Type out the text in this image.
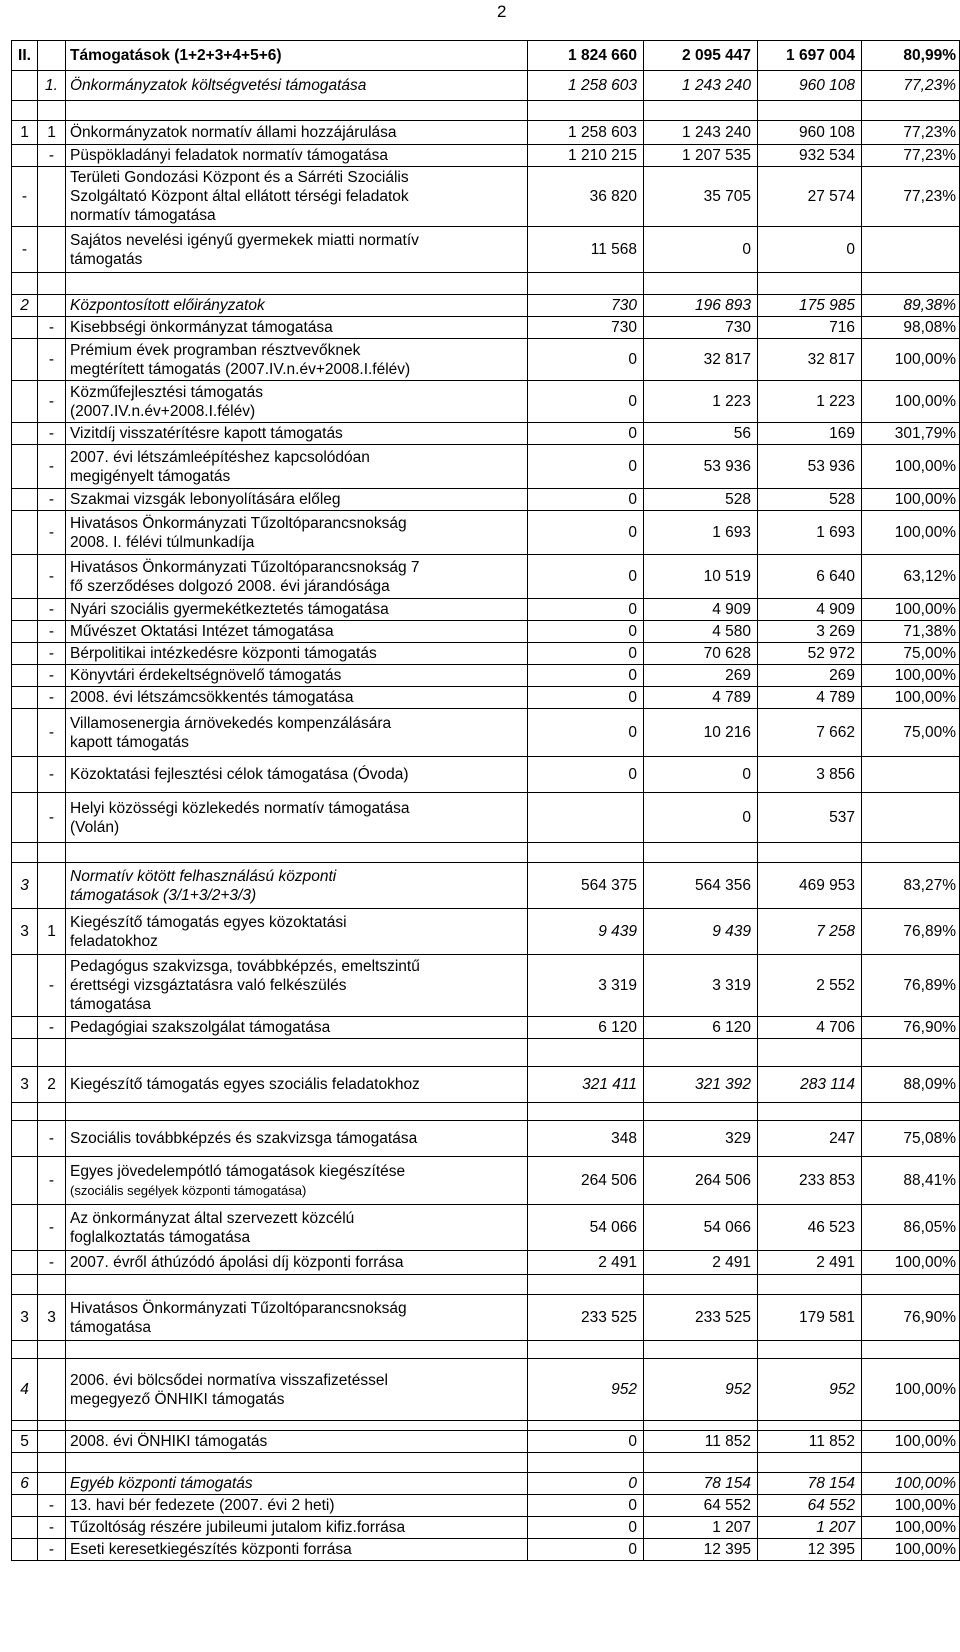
2
II.		Támogatások (1+2+3+4+5+6)	1 824 660	2 095 447	1 697 004	80,99%
	1.	Önkormányzatok költségvetési támogatása	1 258 603	1 243 240	960 108	77,23%

1	1	Önkormányzatok normatív állami hozzájárulása	1 258 603	1 243 240	960 108	77,23%
	-	Püspökladányi feladatok normatív támogatása	1 210 215	1 207 535	932 534	77,23%
-		Területi Gondozási Központ és a Sárréti Szociális
Szolgáltató Központ által ellátott térségi feladatok
normatív támogatása	36 820	35 705	27 574	77,23%
-		Sajátos nevelési igényű gyermekek miatti normatív
támogatás	11 568	0	0	

2		Központosított előirányzatok	730	196 893	175 985	89,38%
	-	Kisebbségi önkormányzat támogatása	730	730	716	98,08%
	-	Prémium évek programban résztvevőknek
megtérített támogatás (2007.IV.n.év+2008.I.félév)	0	32 817	32 817	100,00%
	-	Közműfejlesztési támogatás
(2007.IV.n.év+2008.I.félév)	0	1 223	1 223	100,00%
	-	Vizitdíj visszatérítésre kapott támogatás	0	56	169	301,79%
	-	2007. évi létszámleépítéshez kapcsolódóan
megigényelt támogatás	0	53 936	53 936	100,00%
	-	Szakmai vizsgák lebonyolítására előleg	0	528	528	100,00%
	-	Hivatásos Önkormányzati Tűzoltóparancsnokság
2008. I. félévi túlmunkadíja	0	1 693	1 693	100,00%
	-	Hivatásos Önkormányzati Tűzoltóparancsnokság 7
fő szerződéses dolgozó 2008. évi járandósága	0	10 519	6 640	63,12%
	-	Nyári szociális gyermekétkeztetés támogatása	0	4 909	4 909	100,00%
	-	Művészet Oktatási Intézet támogatása	0	4 580	3 269	71,38%
	-	Bérpolitikai intézkedésre központi támogatás	0	70 628	52 972	75,00%
	-	Könyvtári érdekeltségnövelő támogatás	0	269	269	100,00%
	-	2008. évi létszámcsökkentés támogatása	0	4 789	4 789	100,00%
	-	Villamosenergia árnövekedés kompenzálására
kapott támogatás	0	10 216	7 662	75,00%
	-	Közoktatási fejlesztési célok támogatása (Óvoda)	0	0	3 856	
	-	Helyi közösségi közlekedés normatív támogatása
(Volán)		0	537	

3		Normatív kötött felhasználású központi
támogatások (3/1+3/2+3/3)	564 375	564 356	469 953	83,27%
3	1	Kiegészítő támogatás egyes közoktatási
feladatokhoz	9 439	9 439	7 258	76,89%
	-	Pedagógus szakvizsga, továbbképzés, emeltszintű
érettségi vizsgáztatásra való felkészülés
támogatása	3 319	3 319	2 552	76,89%
	-	Pedagógiai szakszolgálat támogatása	6 120	6 120	4 706	76,90%

3	2	Kiegészítő támogatás egyes szociális feladatokhoz	321 411	321 392	283 114	88,09%

	-	Szociális továbbképzés és szakvizsga támogatása	348	329	247	75,08%
	-	Egyes jövedelempótló támogatások kiegészítése
(szociális segélyek központi támogatása)	264 506	264 506	233 853	88,41%
	-	Az önkormányzat által szervezett közcélú
foglalkoztatás támogatása	54 066	54 066	46 523	86,05%
	-	2007. évről áthúzódó ápolási díj központi forrása	2 491	2 491	2 491	100,00%

3	3	Hivatásos Önkormányzati Tűzoltóparancsnokság
támogatása	233 525	233 525	179 581	76,90%

4		2006. évi bölcsődei normatíva visszafizetéssel
megegyező ÖNHIKI támogatás	952	952	952	100,00%

5		2008. évi ÖNHIKI támogatás	0	11 852	11 852	100,00%

6		Egyéb központi támogatás	0	78 154	78 154	100,00%
	-	13. havi bér fedezete (2007. évi 2 heti)	0	64 552	64 552	100,00%
	-	Tűzoltóság részére jubileumi jutalom kifiz.forrása	0	1 207	1 207	100,00%
	-	Eseti keresetkiegészítés központi forrása	0	12 395	12 395	100,00%
